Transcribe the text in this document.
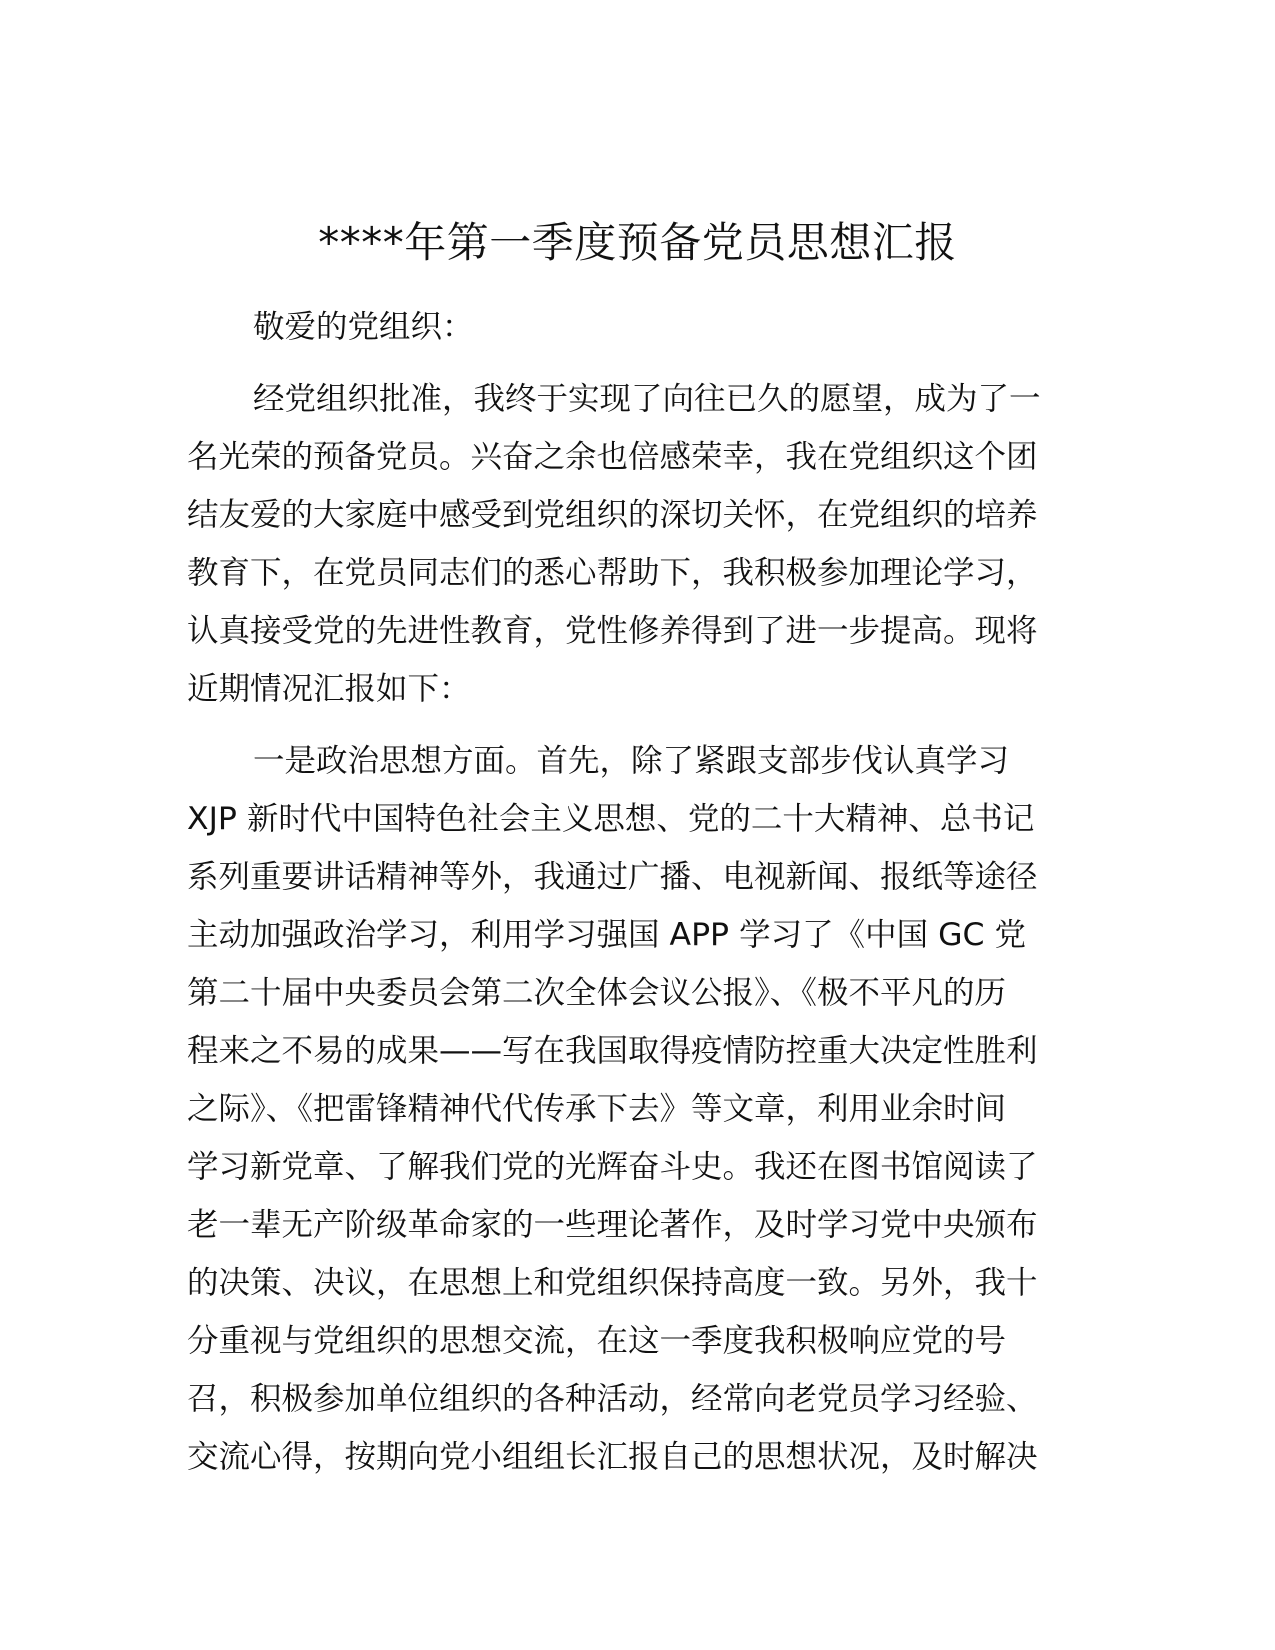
****年第一季度预备党员思想汇报

敬爱的党组织：

经党组织批准，我终于实现了向往已久的愿望，成为了一
名光荣的预备党员。兴奋之余也倍感荣幸，我在党组织这个团
结友爱的大家庭中感受到党组织的深切关怀，在党组织的培养
教育下，在党员同志们的悉心帮助下，我积极参加理论学习，
认真接受党的先进性教育，党性修养得到了进一步提高。现将
近期情况汇报如下：

一是政治思想方面。首先，除了紧跟支部步伐认真学习
XJP 新时代中国特色社会主义思想、党的二十大精神、总书记
系列重要讲话精神等外，我通过广播、电视新闻、报纸等途径
主动加强政治学习，利用学习强国 APP 学习了《中国 GC 党
第二十届中央委员会第二次全体会议公报》、《极不平凡的历
程来之不易的成果——写在我国取得疫情防控重大决定性胜利
之际》、《把雷锋精神代代传承下去》等文章，利用业余时间
学习新党章、了解我们党的光辉奋斗史。我还在图书馆阅读了
老一辈无产阶级革命家的一些理论著作，及时学习党中央颁布
的决策、决议，在思想上和党组织保持高度一致。另外，我十
分重视与党组织的思想交流，在这一季度我积极响应党的号
召，积极参加单位组织的各种活动，经常向老党员学习经验、
交流心得，按期向党小组组长汇报自己的思想状况，及时解决
